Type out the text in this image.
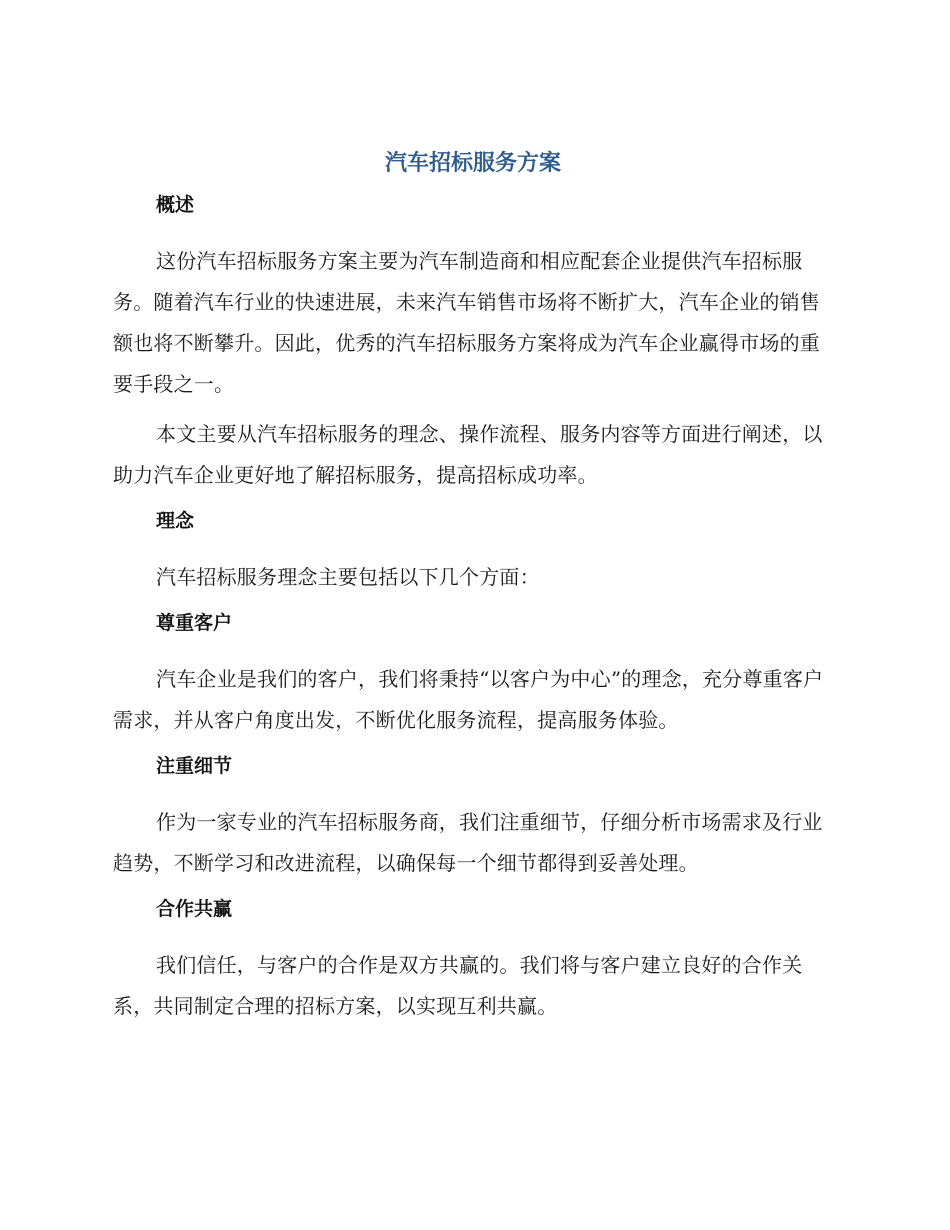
汽车招标服务方案
概述

这份汽车招标服务方案主要为汽车制造商和相应配套企业提供汽车招标服务。随着汽车行业的快速进展，未来汽车销售市场将不断扩大，汽车企业的销售额也将不断攀升。因此，优秀的汽车招标服务方案将成为汽车企业赢得市场的重要手段之一。

本文主要从汽车招标服务的理念、操作流程、服务内容等方面进行阐述，以助力汽车企业更好地了解招标服务，提高招标成功率。

理念

汽车招标服务理念主要包括以下几个方面：

尊重客户

汽车企业是我们的客户，我们将秉持“以客户为中心”的理念，充分尊重客户需求，并从客户角度出发，不断优化服务流程，提高服务体验。

注重细节

作为一家专业的汽车招标服务商，我们注重细节，仔细分析市场需求及行业趋势，不断学习和改进流程，以确保每一个细节都得到妥善处理。

合作共赢

我们信任，与客户的合作是双方共赢的。我们将与客户建立良好的合作关系，共同制定合理的招标方案，以实现互利共赢。
